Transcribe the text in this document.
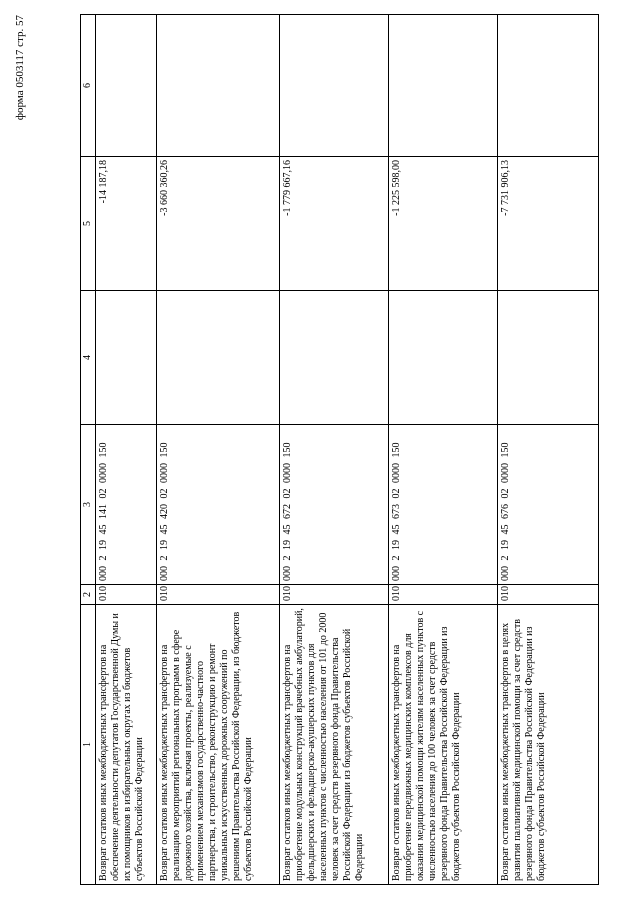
форма 0503117 стр. 57
1	2	3	4	5	6
Возврат остатков иных межбюджетных трансфертов на обеспечение деятельности депутатов Государственной Думы и их помощников в избирательных округах из бюджетов субъектов Российской Федерации	010	000 2 19 45 141 02 0000 150		-14 187,18	
Возврат остатков иных межбюджетных трансфертов на реализацию мероприятий региональных программ в сфере дорожного хозяйства, включая проекты, реализуемые с применением механизмов государственно-частного партнерства, и строительство, реконструкцию и ремонт уникальных искусственных дорожных сооружений по решениям Правительства Российской Федерации, из бюджетов субъектов Российской Федерации	010	000 2 19 45 420 02 0000 150		-3 660 360,26	
Возврат остатков иных межбюджетных трансфертов на приобретение модульных конструкций врачебных амбулаторий, фельдшерских и фельдшерско-акушерских пунктов для населенных пунктов с численностью населения от 101 до 2000 человек за счет средств резервного фонда Правительства Российской Федерации из бюджетов субъектов Российской Федерации	010	000 2 19 45 672 02 0000 150		-1 779 667,16	
Возврат остатков иных межбюджетных трансфертов на приобретение передвижных медицинских комплексов для оказания медицинской помощи жителям населенных пунктов с численностью населения до 100 человек за счет средств резервного фонда Правительства Российской Федерации из бюджетов субъектов Российской Федерации	010	000 2 19 45 673 02 0000 150		-1 225 598,00	
Возврат остатков иных межбюджетных трансфертов в целях развития паллиативной медицинской помощи за счет средств резервного фонда Правительства Российской Федерации из бюджетов субъектов Российской Федерации	010	000 2 19 45 676 02 0000 150		-7 731 906,13	
